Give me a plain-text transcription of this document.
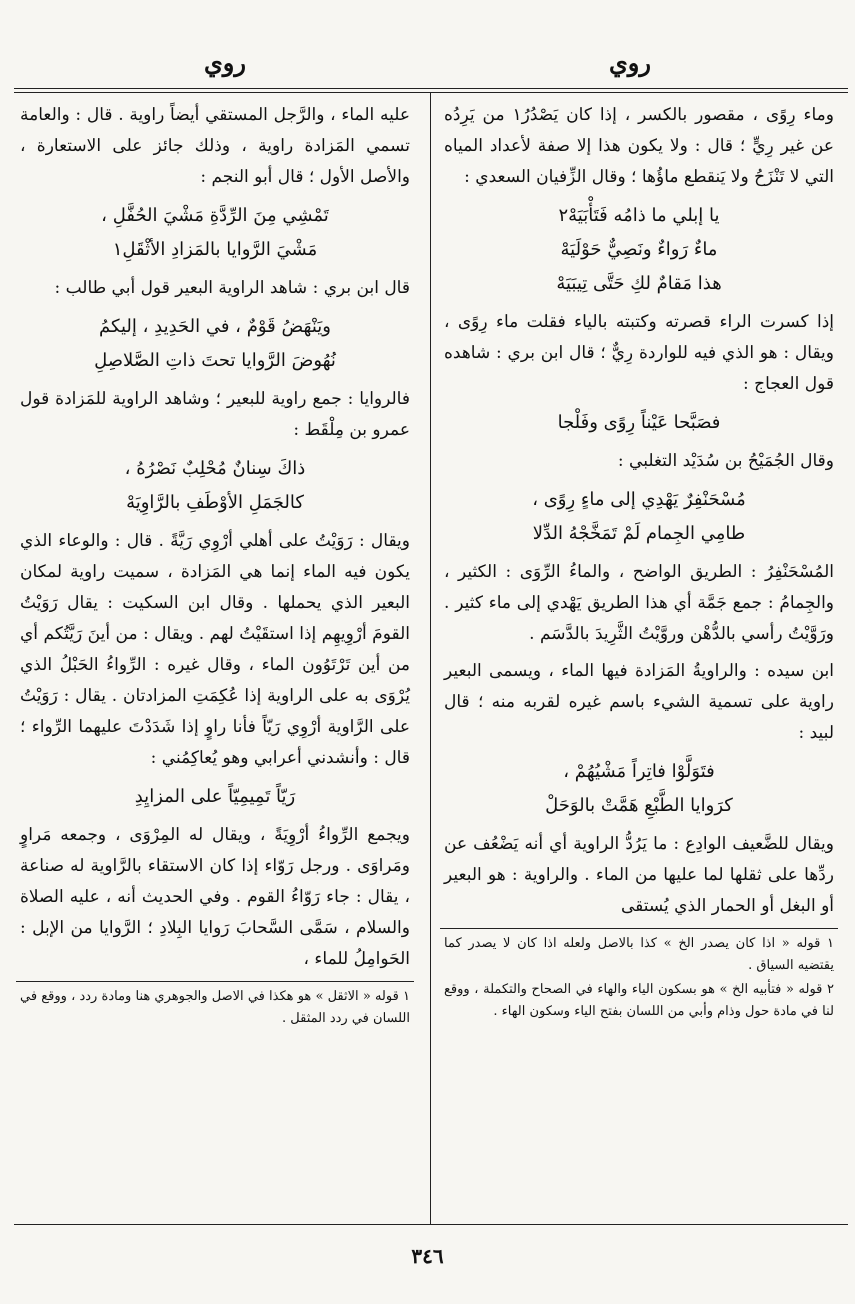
روي
روي
وماء رِوًى ، مقصور بالكسر ، إذا كان يَصْدُرُ١ من يَرِدُه عن غير رِيٍّ ؛ قال : ولا يكون هذا إلا صفة لأعداد المياه التي لا تَنْزَحُ ولا يَنقطع ماؤُها ؛ وقال الزِّفيان السعدي :
يا إبلي ما ذامُه فَتَأْبَيَهْ٢
ماءٌ رَواءٌ ونَصِيٌّ حَوْلَيَهْ
هذا مَقامٌ لكِ حَتَّى تِيبَيَهْ
إذا كسرت الراء قصرته وكتبته بالياء فقلت ماء رِوًى ، ويقال : هو الذي فيه للواردة رِيٌّ ؛ قال ابن بري : شاهده قول العجاج :
فصَبَّحا عَيْناً رِوًى وفَلْجا
وقال الجُمَيْحُ بن سُدَيْد التغلبي :
مُسْحَنْفِرٌ يَهْدِي إلى ماءٍ رِوًى ،
طامِي الجِمام لَمْ تَمَخَّجْهُ الدِّلا
المُسْحَنْفِرُ : الطريق الواضح ، والماءُ الرِّوَى : الكثير ، والجِمامُ : جمع جَمَّة أي هذا الطريق يَهْدي إلى ماء كثير . ورَوَّيْتُ رأسي بالدُّهْن وروَّيْتُ الثَّرِيدَ بالدَّسَم .
ابن سيده : والراويةُ المَزادة فيها الماء ، ويسمى البعير راوية على تسمية الشيء باسم غيره لقربه منه ؛ قال لبيد :
فتَوَلَّوْا فاتِراً مَشْيُهُمْ ،
كرَوايا الطَّبْعِ هَمَّتْ بالوَحَلْ
ويقال للضَّعيف الوادِع : ما يَرُدُّ الراوية أي أنه يَضْعُف عن ردِّها على ثقلها لما عليها من الماء . والراوية : هو البعير أو البغل أو الحمار الذي يُستقى
١ قوله « اذا كان يصدر الخ » كذا بالاصل ولعله اذا كان لا يصدر كما يقتضيه السياق .
٢ قوله « فتأبيه الخ » هو بسكون الياء والهاء في الصحاح والتكملة ، ووقع لنا في مادة حول وذام وأبي من اللسان بفتح الياء وسكون الهاء .
عليه الماء ، والرَّجل المستقي أيضاً راوية . قال : والعامة تسمي المَزادة راوية ، وذلك جائز على الاستعارة ، والأصل الأول ؛ قال أبو النجم :
تَمْشِي مِنَ الرِّدَّةِ مَشْيَ الحُفَّلِ ،
مَشْيَ الرَّوايا بالمَزادِ الأثْقَلِ١
قال ابن بري : شاهد الراوية البعير قول أبي طالب :
ويَنْهَضُ قَوْمٌ ، في الحَدِيدِ ، إليكمُ
نُهُوضَ الرَّوايا تحتَ ذاتِ الصَّلاصِلِ
فالروايا : جمع راوية للبعير ؛ وشاهد الراوية للمَزادة قول عمرو بن مِلْقَط :
ذاكَ سِنانٌ مُحْلِبٌ نَصْرُهُ ،
كالجَمَلِ الأوْطَفِ بالرَّاوِيَهْ
ويقال : رَوَيْتُ على أهلي أرْوِي رَيَّةً . قال : والوعاء الذي يكون فيه الماء إنما هي المَزادة ، سميت راوية لمكان البعير الذي يحملها . وقال ابن السكيت : يقال رَوَيْتُ القومَ أرْوِيهِم إذا استقَيْتُ لهم . ويقال : من أينَ رَيَّتُكم أي من أين تَرْتَوُون الماء ، وقال غيره : الرِّواءُ الحَبْلُ الذي يُرْوَى به على الراوية إذا عُكِمَتِ المزادتان . يقال : رَوَيْتُ على الرَّاوية أرْوِي رَيّاً فأنا راوٍ إذا شَدَدْتَ عليهما الرِّواء ؛ قال : وأنشدني أعرابي وهو يُعاكِمُني :
رَيّاً تَمِيمِيّاً على المزايِدِ
ويجمع الرِّواءُ أرْوِيَةً ، ويقال له المِرْوَى ، وجمعه مَراوٍ ومَراوَى . ورجل رَوّاء إذا كان الاستقاء بالرَّاوية له صناعة ، يقال : جاء رَوّاءُ القوم . وفي الحديث أنه ، عليه الصلاة والسلام ، سَمَّى السَّحابَ رَوايا البِلادِ ؛ الرَّوايا من الإبل : الحَوامِلُ للماء ،
١ قوله « الاثقل » هو هكذا في الاصل والجوهري هنا ومادة ردد ، ووقع في اللسان في ردد المثقل .
٣٤٦
